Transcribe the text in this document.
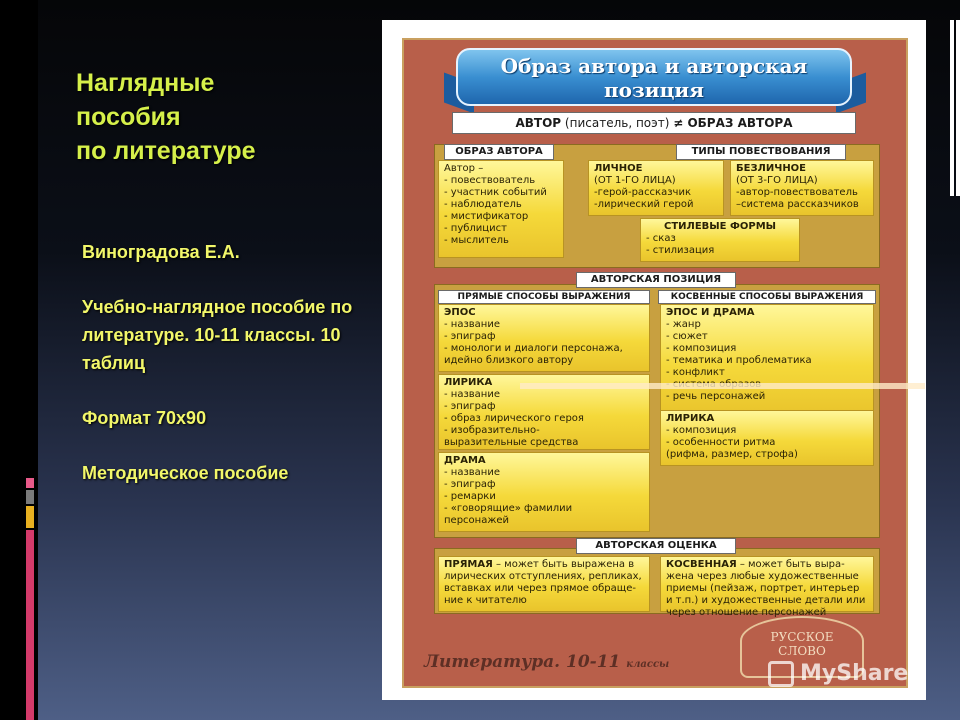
Наглядные
пособия
по литературе

Виноградова Е.А.

Учебно-наглядное пособие по литературе. 10-11 классы. 10 таблиц

Формат 70x90

Методическое пособие

Образ автора и авторская
позиция
АВТОР (писатель, поэт) ≠ ОБРАЗ АВТОРА
ОБРАЗ АВТОРА
Автор –
- повествователь
- участник событий
- наблюдатель
- мистификатор
- публицист
- мыслитель
ТИПЫ ПОВЕСТВОВАНИЯ
ЛИЧНОЕ
(ОТ 1-ГО ЛИЦА)
-герой-рассказчик
-лирический герой
БЕЗЛИЧНОЕ
(ОТ 3-ГО ЛИЦА)
-автор-повествователь
–система рассказчиков
СТИЛЕВЫЕ ФОРМЫ
- сказ
- стилизация
АВТОРСКАЯ ПОЗИЦИЯ
ПРЯМЫЕ СПОСОБЫ ВЫРАЖЕНИЯ	КОСВЕННЫЕ СПОСОБЫ ВЫРАЖЕНИЯ
ЭПОС
- название
- эпиграф
- монологи и диалоги персонажа,
идейно близкого автору
ЛИРИКА
- название
- эпиграф
- образ лирического героя
- изобразительно-
выразительные средства
ДРАМА
- название
- эпиграф
- ремарки
- «говорящие» фамилии
персонажей
ЭПОС И ДРАМА
- жанр
- сюжет
- композиция
- тематика и проблематика
- конфликт
- речь персонажей
ЛИРИКА
- композиция
- особенности ритма
(рифма, размер, строфа)
АВТОРСКАЯ ОЦЕНКА
ПРЯМАЯ – может быть выражена в лирических отступлениях, репликах, вставках или через прямое обраще-ние к читателю
КОСВЕННАЯ – может быть выра-жена через любые художественные приемы (пейзаж, портрет, интерьер и т.п.) и художественные детали или через отношение персонажей
Литература. 10-11 классы
РУССКОЕ
СЛОВО
MyShared
